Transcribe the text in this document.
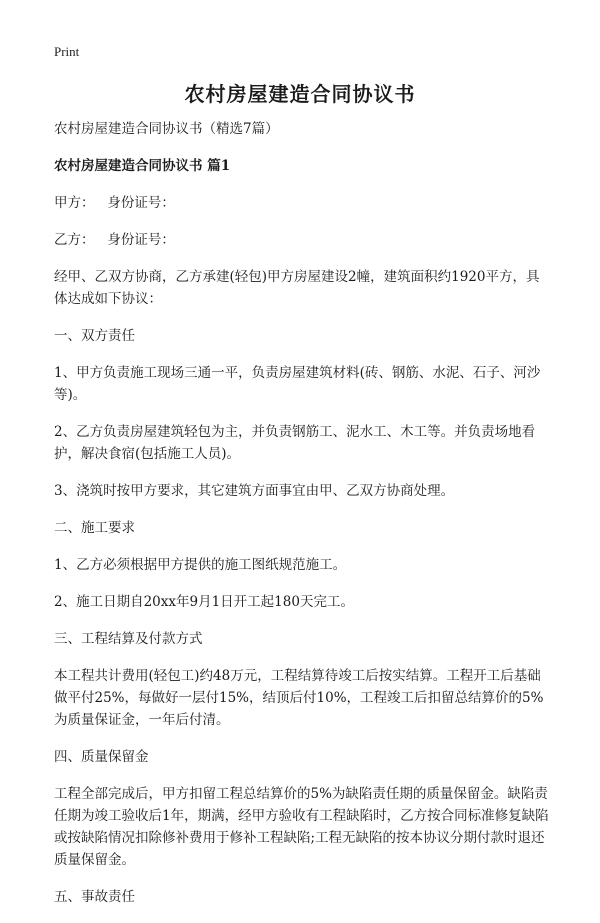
Print
农村房屋建造合同协议书

农村房屋建造合同协议书（精选7篇）

农村房屋建造合同协议书 篇1

甲方：   身份证号：

乙方：   身份证号：

经甲、乙双方协商，乙方承建(轻包)甲方房屋建设2幢，建筑面积约1920平方，具体达成如下协议：

一、双方责任

1、甲方负责施工现场三通一平，负责房屋建筑材料(砖、钢筋、水泥、石子、河沙等)。

2、乙方负责房屋建筑轻包为主，并负责钢筋工、泥水工、木工等。并负责场地看护，解决食宿(包括施工人员)。

3、浇筑时按甲方要求，其它建筑方面事宜由甲、乙双方协商处理。

二、施工要求

1、乙方必须根据甲方提供的施工图纸规范施工。

2、施工日期自20xx年9月1日开工起180天完工。

三、工程结算及付款方式

本工程共计费用(轻包工)约48万元，工程结算待竣工后按实结算。工程开工后基础做平付25%，每做好一层付15%，结顶后付10%，工程竣工后扣留总结算价的5%为质量保证金，一年后付清。

四、质量保留金

工程全部完成后，甲方扣留工程总结算价的5%为缺陷责任期的质量保留金。缺陷责任期为竣工验收后1年，期满，经甲方验收有工程缺陷时，乙方按合同标准修复缺陷或按缺陷情况扣除修补费用于修补工程缺陷;工程无缺陷的按本协议分期付款时退还质量保留金。

五、事故责任
